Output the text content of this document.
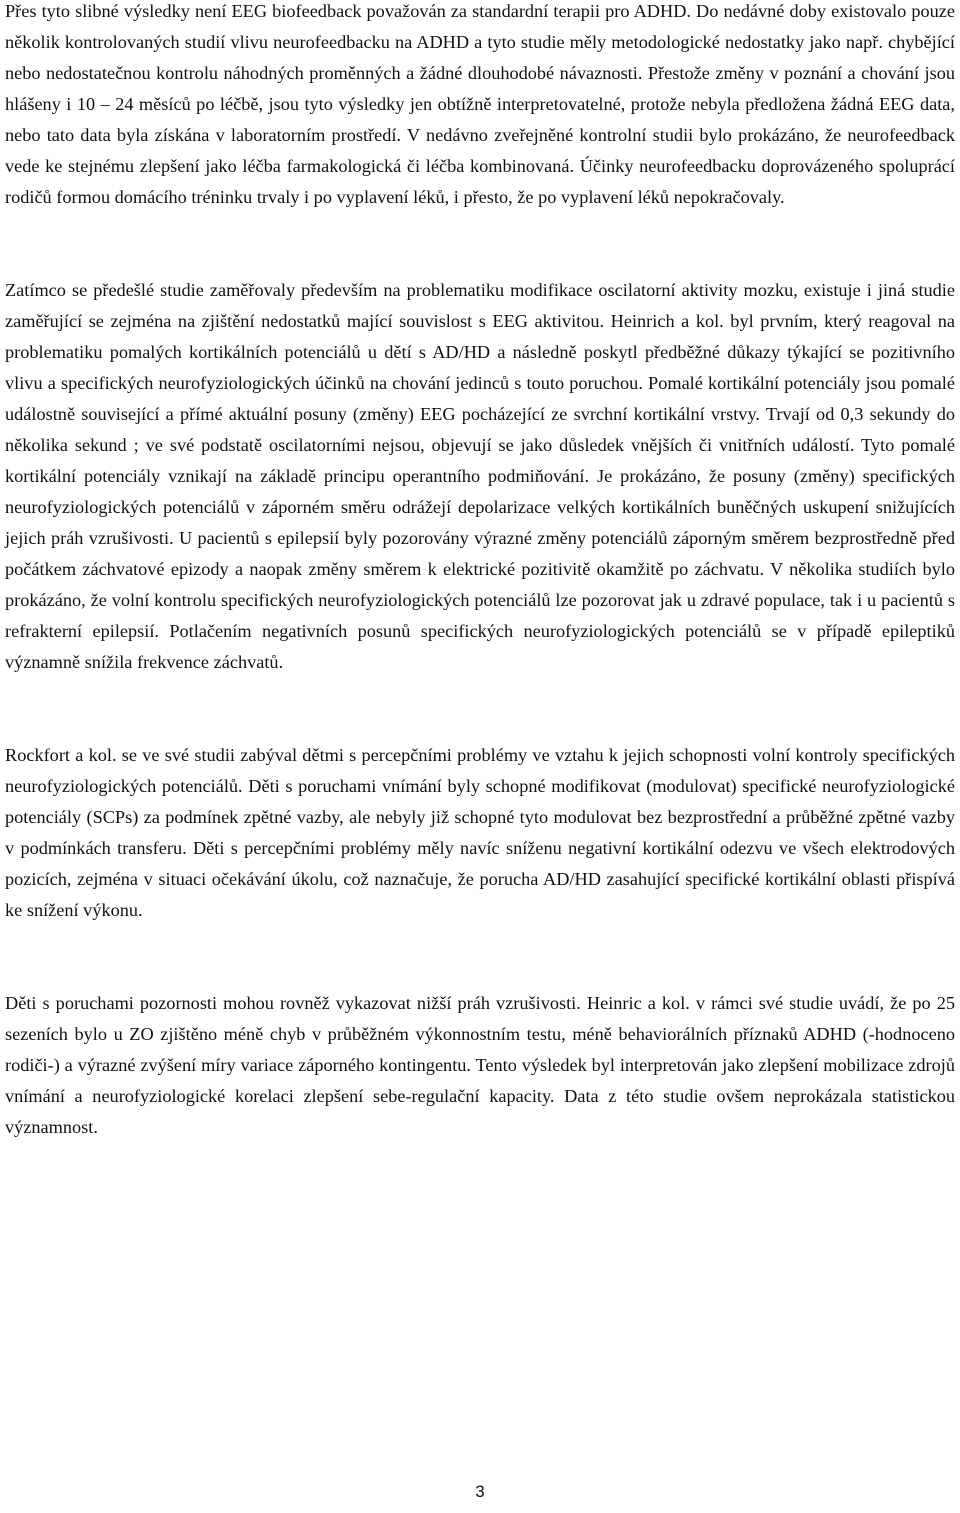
Přes tyto slibné výsledky není EEG biofeedback považován za standardní terapii pro ADHD. Do nedávné doby existovalo pouze několik kontrolovaných studií vlivu neurofeedbacku na ADHD a tyto studie měly metodologické nedostatky jako např. chybějící nebo nedostatečnou kontrolu náhodných proměnných a žádné dlouhodobé návaznosti. Přestože změny v poznání a chování jsou hlášeny i 10 – 24 měsíců po léčbě, jsou tyto výsledky jen obtížně interpretovatelné, protože nebyla předložena žádná EEG data, nebo tato data byla získána v laboratorním prostředí. V nedávno zveřejněné kontrolní studii bylo prokázáno, že neurofeedback vede ke stejnému zlepšení jako léčba farmakologická či léčba kombinovaná. Účinky neurofeedbacku doprovázeného spoluprácí rodičů formou domácího tréninku trvaly i po vyplavení léků, i přesto, že po vyplavení léků nepokračovaly.

Zatímco se předešlé studie zaměřovaly především na problematiku modifikace oscilatorní aktivity mozku, existuje i jiná studie zaměřující se zejména na zjištění nedostatků mající souvislost s EEG aktivitou. Heinrich a kol. byl prvním, který reagoval na problematiku pomalých kortikálních potenciálů u dětí s AD/HD a následně poskytl předběžné důkazy týkající se pozitivního vlivu a specifických neurofyziologických účinků na chování jedinců s touto poruchou. Pomalé kortikální potenciály jsou pomalé událostně související a přímé aktuální posuny (změny) EEG pocházející ze svrchní kortikální vrstvy. Trvají od 0,3 sekundy do několika sekund ; ve své podstatě oscilatorními nejsou, objevují se jako důsledek vnějších či vnitřních událostí. Tyto pomalé kortikální potenciály vznikají na základě principu operantního podmiňování. Je prokázáno, že posuny (změny) specifických neurofyziologických potenciálů v záporném směru odrážejí depolarizace velkých kortikálních buněčných uskupení snižujících jejich práh vzrušivosti. U pacientů s epilepsií byly pozorovány výrazné změny potenciálů záporným směrem bezprostředně před počátkem záchvatové epizody a naopak změny směrem k elektrické pozitivitě okamžitě po záchvatu. V několika studiích bylo prokázáno, že volní kontrolu specifických neurofyziologických potenciálů lze pozorovat jak u zdravé populace, tak i u pacientů s refrakterní epilepsií. Potlačením negativních posunů specifických neurofyziologických potenciálů se v případě epileptiků významně snížila frekvence záchvatů.

Rockfort a kol. se ve své studii zabýval dětmi s percepčními problémy ve vztahu k jejich schopnosti volní kontroly specifických neurofyziologických potenciálů. Děti s poruchami vnímání byly schopné modifikovat (modulovat) specifické neurofyziologické potenciály (SCPs) za podmínek zpětné vazby, ale nebyly již schopné tyto modulovat bez bezprostřední a průběžné zpětné vazby v podmínkách transferu. Děti s percepčními problémy měly navíc sníženu negativní kortikální odezvu ve všech elektrodových pozicích, zejména v situaci očekávání úkolu, což naznačuje, že porucha AD/HD zasahující specifické kortikální oblasti přispívá ke snížení výkonu.

Děti s poruchami pozornosti mohou rovněž vykazovat nižší práh vzrušivosti. Heinric a kol. v rámci své studie uvádí, že po 25 sezeních bylo u ZO zjištěno méně chyb v průběžném výkonnostním testu, méně behaviorálních příznaků ADHD (-hodnoceno rodiči-) a výrazné zvýšení míry variace záporného kontingentu. Tento výsledek byl interpretován jako zlepšení mobilizace zdrojů vnímání a neurofyziologické korelaci zlepšení sebe-regulační kapacity. Data z této studie ovšem neprokázala statistickou významnost.

3
